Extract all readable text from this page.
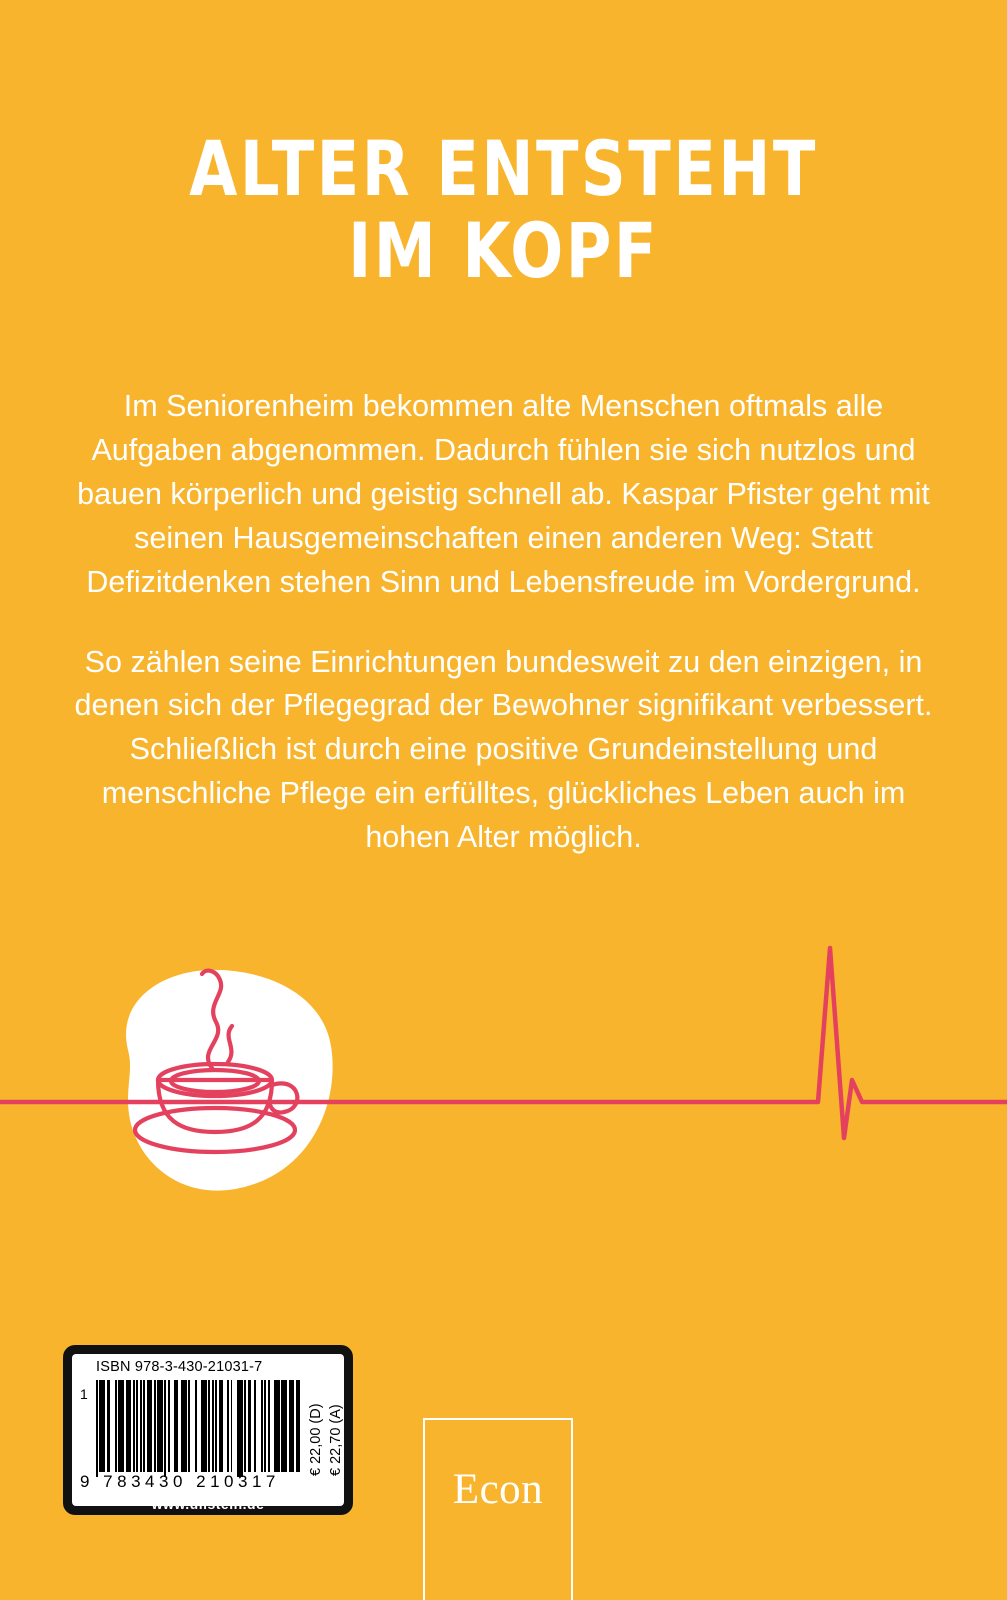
ALTER ENTSTEHT
IM KOPF

Im Seniorenheim bekommen alte Menschen oftmals alle Aufgaben abgenommen. Dadurch fühlen sie sich nutzlos und bauen körperlich und geistig schnell ab. Kaspar Pfister geht mit seinen Hausgemeinschaften einen anderen Weg: Statt Defizitdenken stehen Sinn und Lebensfreude im Vordergrund.

So zählen seine Einrichtungen bundesweit zu den einzigen, in denen sich der Pflegegrad der Bewohner signifikant verbessert. Schließlich ist durch eine positive Grundeinstellung und menschliche Pflege ein erfülltes, glückliches Leben auch im hohen Alter möglich.

ISBN 978-3-430-21031-7
1
9 783430 210317
€ 22,00 (D) € 22,70 (A)
www.ullstein.de	Econ
